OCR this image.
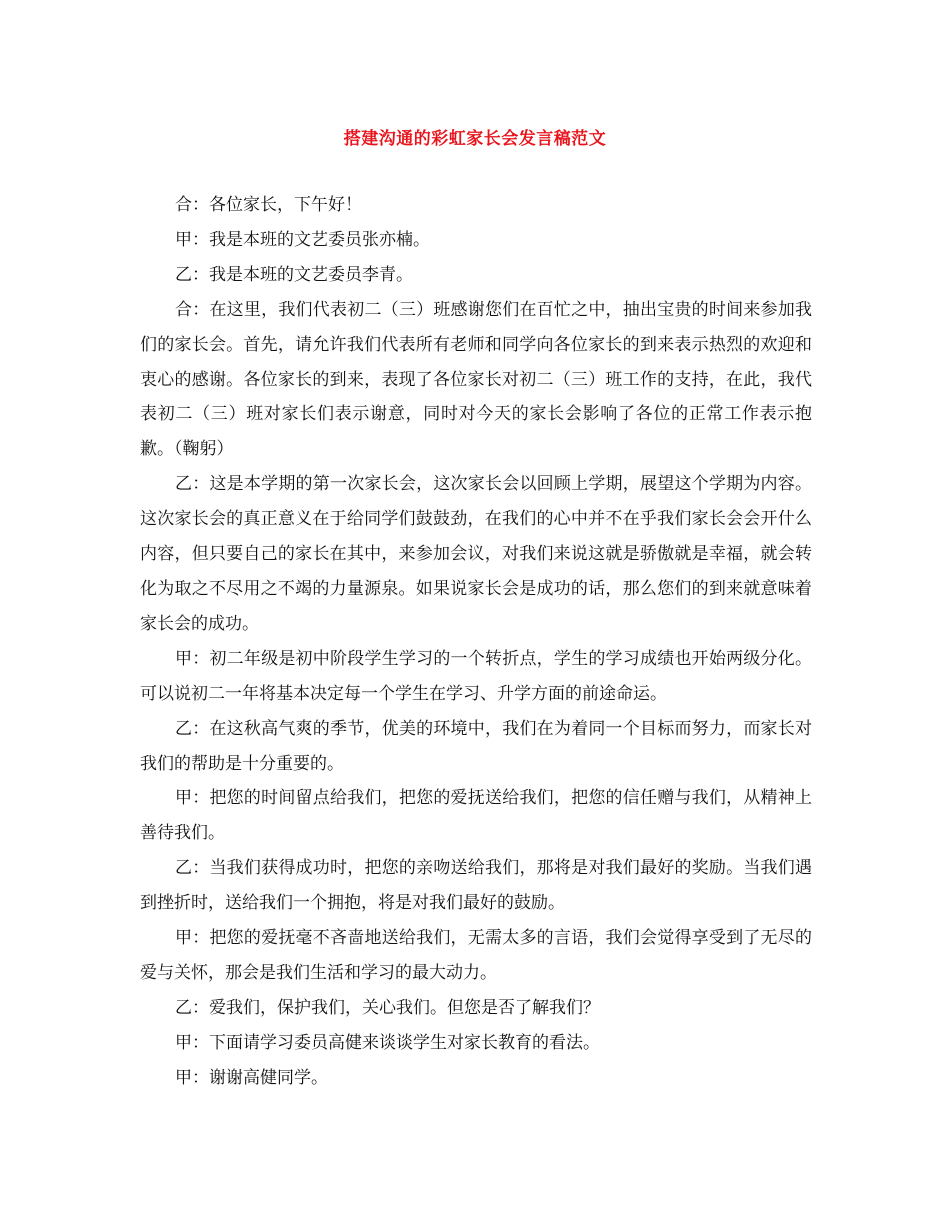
搭建沟通的彩虹家长会发言稿范文

合：各位家长，下午好！

甲：我是本班的文艺委员张亦楠。

乙：我是本班的文艺委员李青。

合：在这里，我们代表初二（三）班感谢您们在百忙之中，抽出宝贵的时间来参加我们的家长会。首先，请允许我们代表所有老师和同学向各位家长的到来表示热烈的欢迎和衷心的感谢。各位家长的到来，表现了各位家长对初二（三）班工作的支持，在此，我代表初二（三）班对家长们表示谢意，同时对今天的家长会影响了各位的正常工作表示抱歉。（鞠躬）

乙：这是本学期的第一次家长会，这次家长会以回顾上学期，展望这个学期为内容。这次家长会的真正意义在于给同学们鼓鼓劲，在我们的心中并不在乎我们家长会会开什么内容，但只要自己的家长在其中，来参加会议，对我们来说这就是骄傲就是幸福，就会转化为取之不尽用之不竭的力量源泉。如果说家长会是成功的话，那么您们的到来就意味着家长会的成功。

甲：初二年级是初中阶段学生学习的一个转折点，学生的学习成绩也开始两级分化。可以说初二一年将基本决定每一个学生在学习、升学方面的前途命运。

乙：在这秋高气爽的季节，优美的环境中，我们在为着同一个目标而努力，而家长对我们的帮助是十分重要的。

甲：把您的时间留点给我们，把您的爱抚送给我们，把您的信任赠与我们，从精神上善待我们。

乙：当我们获得成功时，把您的亲吻送给我们，那将是对我们最好的奖励。当我们遇到挫折时，送给我们一个拥抱，将是对我们最好的鼓励。

甲：把您的爱抚毫不吝啬地送给我们，无需太多的言语，我们会觉得享受到了无尽的爱与关怀，那会是我们生活和学习的最大动力。

乙：爱我们，保护我们，关心我们。但您是否了解我们？

甲：下面请学习委员高健来谈谈学生对家长教育的看法。

甲：谢谢高健同学。
